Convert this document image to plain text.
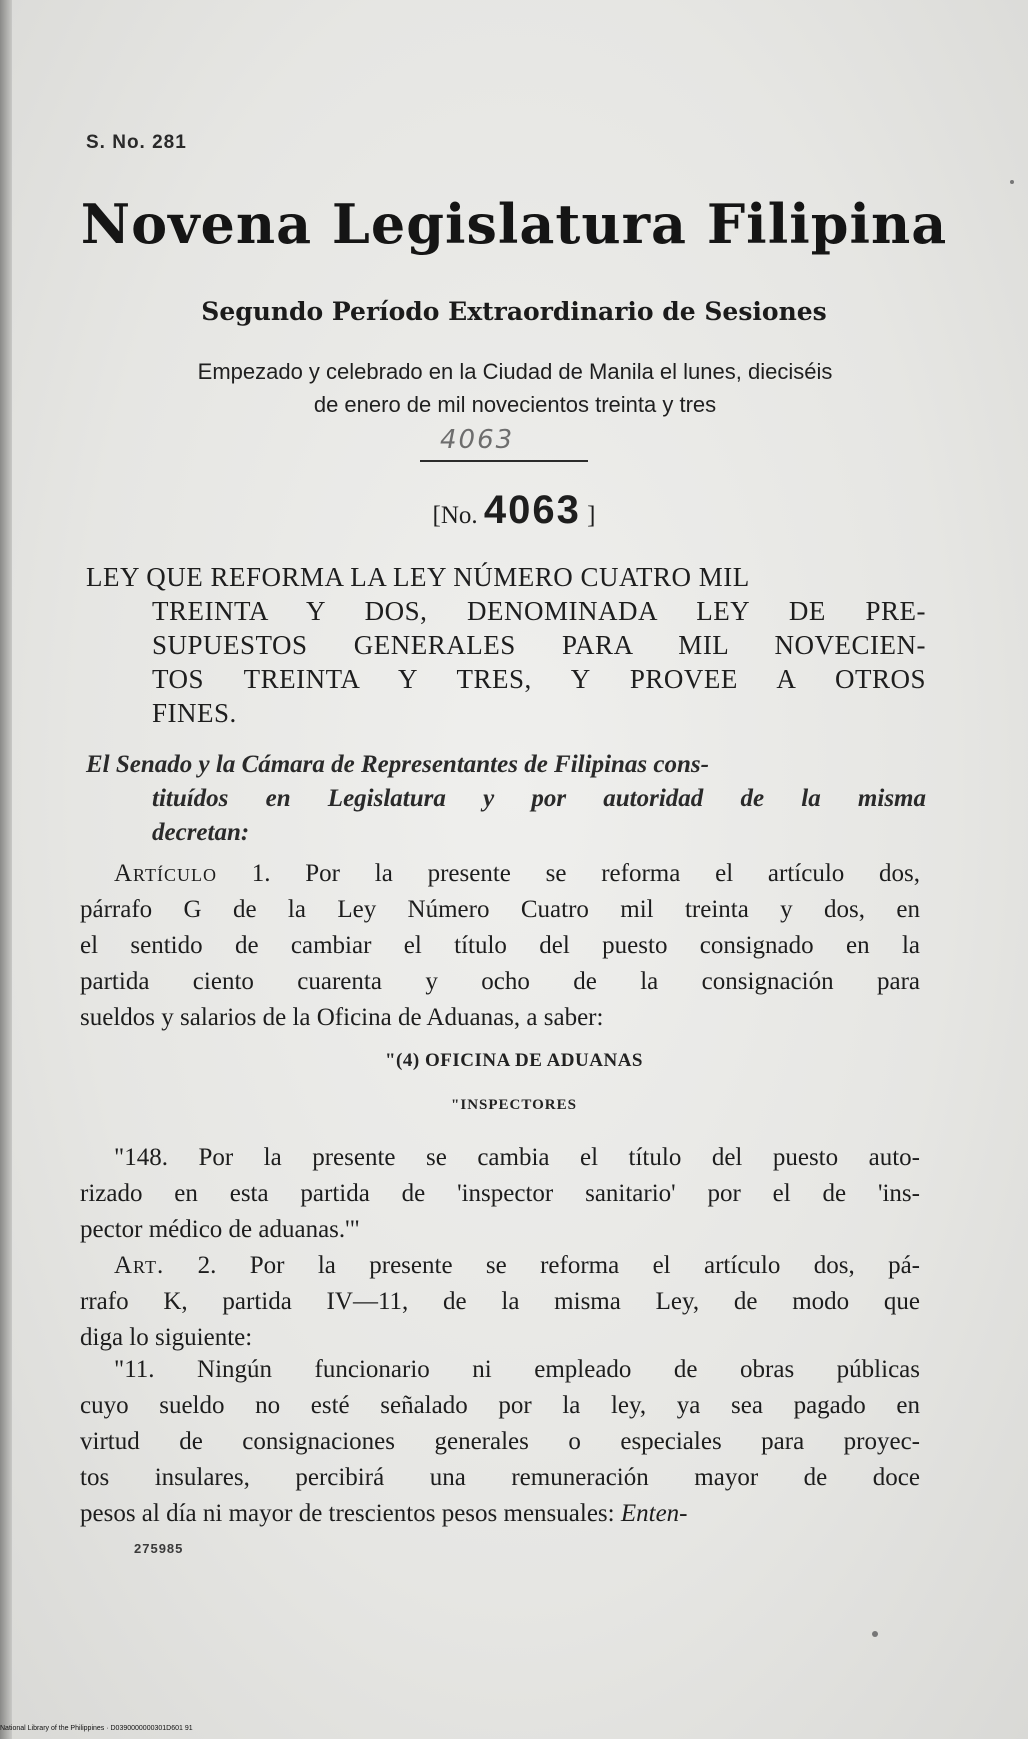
S. No. 281
Novena Legislatura Filipina
Segundo Período Extraordinario de Sesiones
Empezado y celebrado en la Ciudad de Manila el lunes, dieciséis
de enero de mil novecientos treinta y tres
4063
[No. 4063 ]
LEY QUE REFORMA LA LEY NÚMERO CUATRO MIL
TREINTA Y DOS, DENOMINADA LEY DE PRE-
SUPUESTOS GENERALES PARA MIL NOVECIEN-
TOS TREINTA Y TRES, Y PROVEE A OTROS
FINES.
El Senado y la Cámara de Representantes de Filipinas cons-
tituídos en Legislatura y por autoridad de la misma
decretan:
Artículo 1. Por la presente se reforma el artículo dos,
párrafo G de la Ley Número Cuatro mil treinta y dos, en
el sentido de cambiar el título del puesto consignado en la
partida ciento cuarenta y ocho de la consignación para
sueldos y salarios de la Oficina de Aduanas, a saber:
"(4) OFICINA DE ADUANAS
"INSPECTORES
"148. Por la presente se cambia el título del puesto auto-
rizado en esta partida de 'inspector sanitario' por el de 'ins-
pector médico de aduanas.'"
Art. 2. Por la presente se reforma el artículo dos, pá-
rrafo K, partida IV—11, de la misma Ley, de modo que
diga lo siguiente:
"11. Ningún funcionario ni empleado de obras públicas
cuyo sueldo no esté señalado por la ley, ya sea pagado en
virtud de consignaciones generales o especiales para proyec-
tos insulares, percibirá una remuneración mayor de doce
pesos al día ni mayor de trescientos pesos mensuales: Enten-
275985
National Library of the Philippines · D0390000000301D601 91
